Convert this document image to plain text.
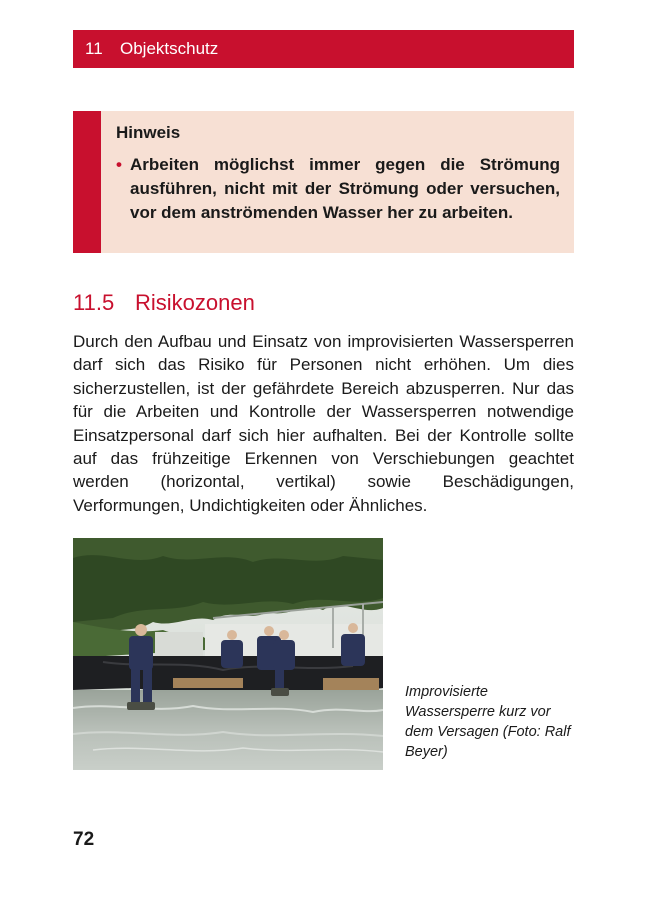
11 Objektschutz
Hinweis
• Arbeiten möglichst immer gegen die Strömung ausführen, nicht mit der Strömung oder versuchen, vor dem anströmenden Wasser her zu arbeiten.

11.5 Risikozonen

Durch den Aufbau und Einsatz von improvisierten Wassersperren darf sich das Risiko für Personen nicht erhöhen. Um dies sicherzustellen, ist der gefährdete Bereich abzusperren. Nur das für die Arbeiten und Kontrolle der Wassersperren notwendige Einsatzpersonal darf sich hier aufhalten. Bei der Kontrolle sollte auf das frühzeitige Erkennen von Verschiebungen geachtet werden (horizontal, vertikal) sowie Beschädigungen, Verformungen, Undichtigkeiten oder Ähnliches.

Improvisierte Wassersperre kurz vor dem Versagen (Foto: Ralf Beyer)

72
